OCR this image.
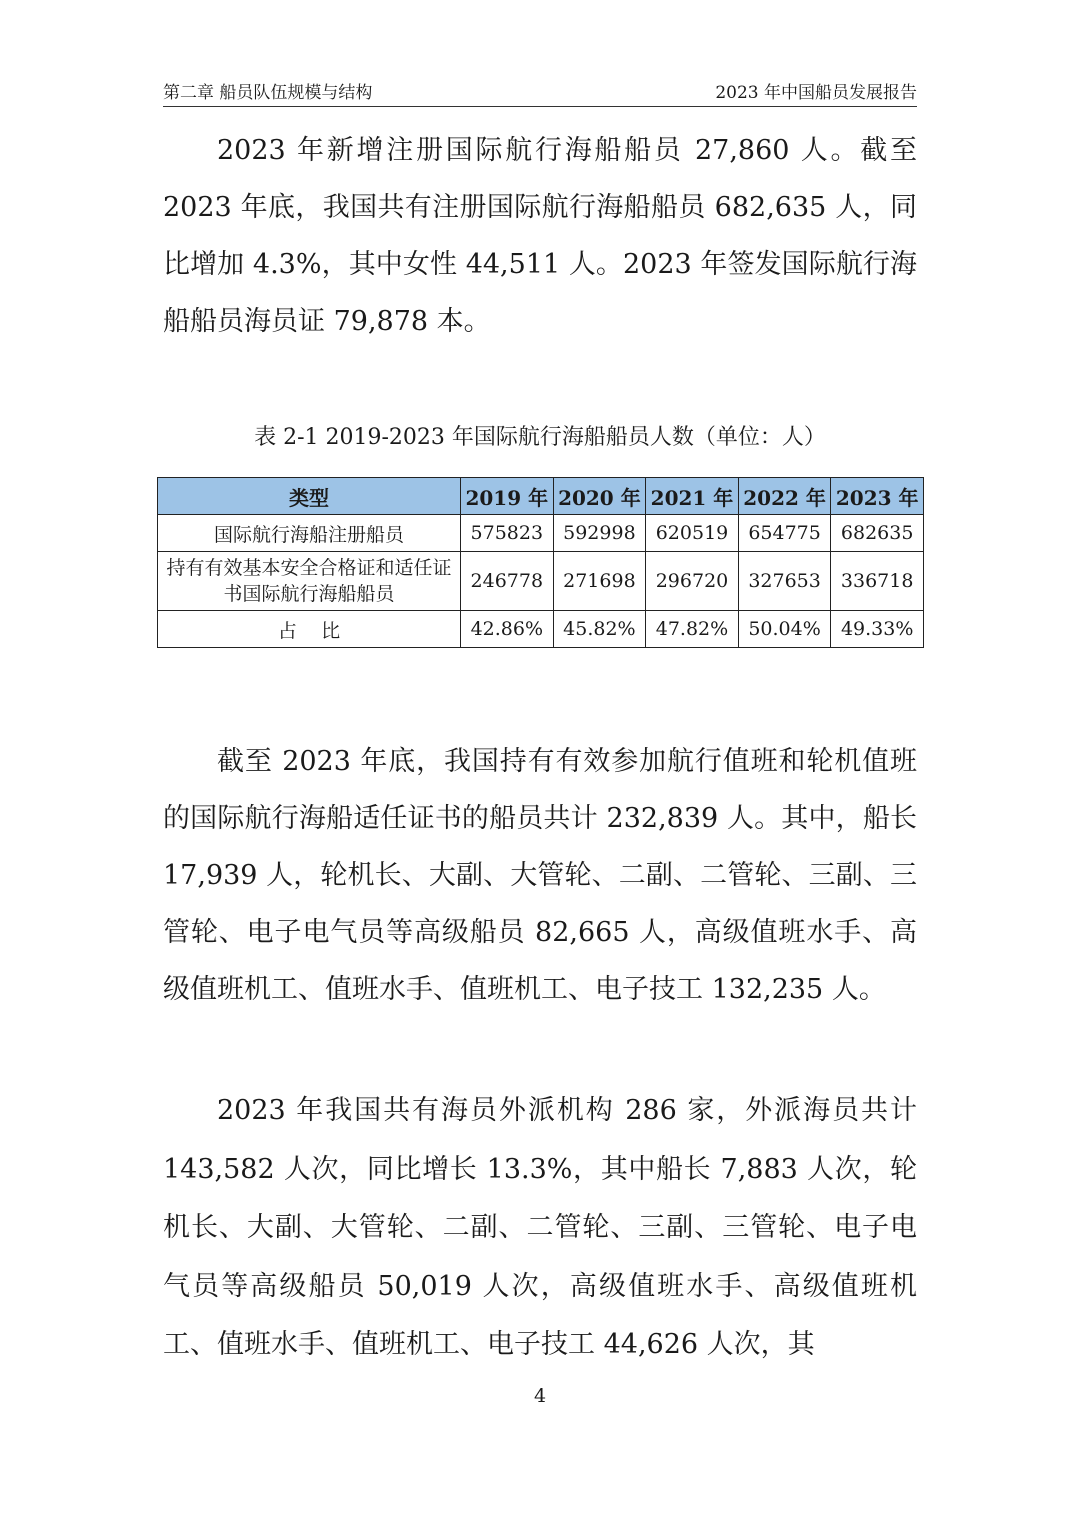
第二章 船员队伍规模与结构	2023 年中国船员发展报告

2023 年新增注册国际航行海船船员 27,860 人。截至 2023 年底，我国共有注册国际航行海船船员 682,635 人，同比增加 4.3%，其中女性 44,511 人。2023 年签发国际航行海船船员海员证 79,878 本。

表 2-1 2019-2023 年国际航行海船船员人数（单位：人）
类型	2019 年	2020 年	2021 年	2022 年	2023 年
国际航行海船注册船员	575823	592998	620519	654775	682635
持有有效基本安全合格证和适任证书国际航行海船船员	246778	271698	296720	327653	336718
占    比	42.86%	45.82%	47.82%	50.04%	49.33%

截至 2023 年底，我国持有有效参加航行值班和轮机值班的国际航行海船适任证书的船员共计 232,839 人。其中，船长 17,939 人，轮机长、大副、大管轮、二副、二管轮、三副、三管轮、电子电气员等高级船员 82,665 人，高级值班水手、高级值班机工、值班水手、值班机工、电子技工 132,235 人。

2023 年我国共有海员外派机构 286 家，外派海员共计 143,582 人次，同比增长 13.3%，其中船长 7,883 人次，轮机长、大副、大管轮、二副、二管轮、三副、三管轮、电子电气员等高级船员 50,019 人次，高级值班水手、高级值班机工、值班水手、值班机工、电子技工 44,626 人次，其

4
